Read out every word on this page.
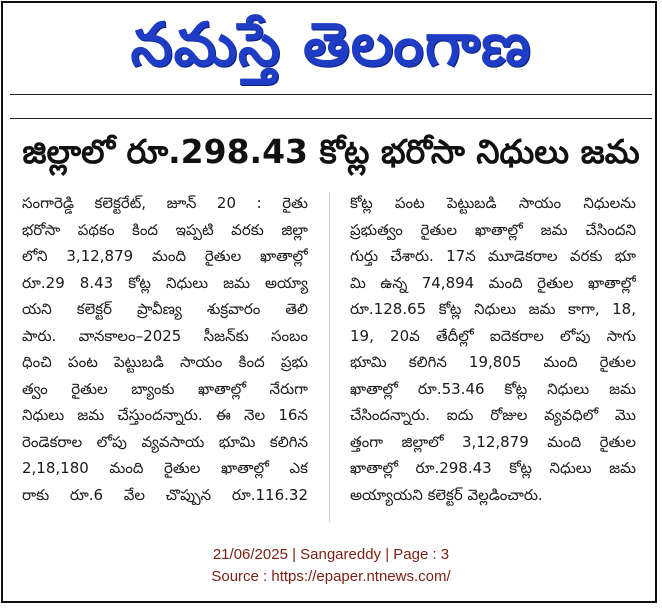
నమస్తే తెలంగాణ
జిల్లాలో రూ.298.43 కోట్ల భరోసా నిధులు జమ
సంగారెడ్డి కలెక్టరేట్, జూన్ 20 : రైతు
భరోసా పథకం కింద ఇప్పటి వరకు జిల్లా
లోని 3,12,879 మంది రైతుల ఖాతాల్లో
రూ.29 8.43 కోట్ల నిధులు జమ అయ్యా
యని కలెక్టర్ ప్రావీణ్య శుక్రవారం తెలి
పారు. వానకాలం–2025 సీజన్‌కు సంబం
ధించి పంట పెట్టుబడి సాయం కింద ప్రభు
త్వం రైతుల బ్యాంకు ఖాతాల్లో నేరుగా
నిధులు జమ చేస్తుందన్నారు. ఈ నెల 16న
రెండెకరాల లోపు వ్యవసాయ భూమి కలిగిన
2,18,180 మంది రైతుల ఖాతాల్లో ఎక
రాకు రూ.6 వేల చొప్పున రూ.116.32
కోట్ల పంట పెట్టుబడి సాయం నిధులను
ప్రభుత్వం రైతుల ఖాతాల్లో జమ చేసిందని
గుర్తు చేశారు. 17న మూడెకరాల వరకు భూ
మి ఉన్న 74,894 మంది రైతుల ఖాతాల్లో
రూ.128.65 కోట్ల నిధులు జమ కాగా, 18,
19, 20వ తేదీల్లో ఐదెకరాల లోపు సాగు
భూమి కలిగిన 19,805 మంది రైతుల
ఖాతాల్లో రూ.53.46 కోట్ల నిధులు జమ
చేసిందన్నారు. ఐదు రోజుల వ్యవధిలో మొ
త్తంగా జిల్లాలో 3,12,879 మంది రైతుల
ఖాతాల్లో రూ.298.43 కోట్ల నిధులు జమ
అయ్యాయని కలెక్టర్ వెల్లడించారు.
21/06/2025 | Sangareddy | Page : 3
Source : https://epaper.ntnews.com/
